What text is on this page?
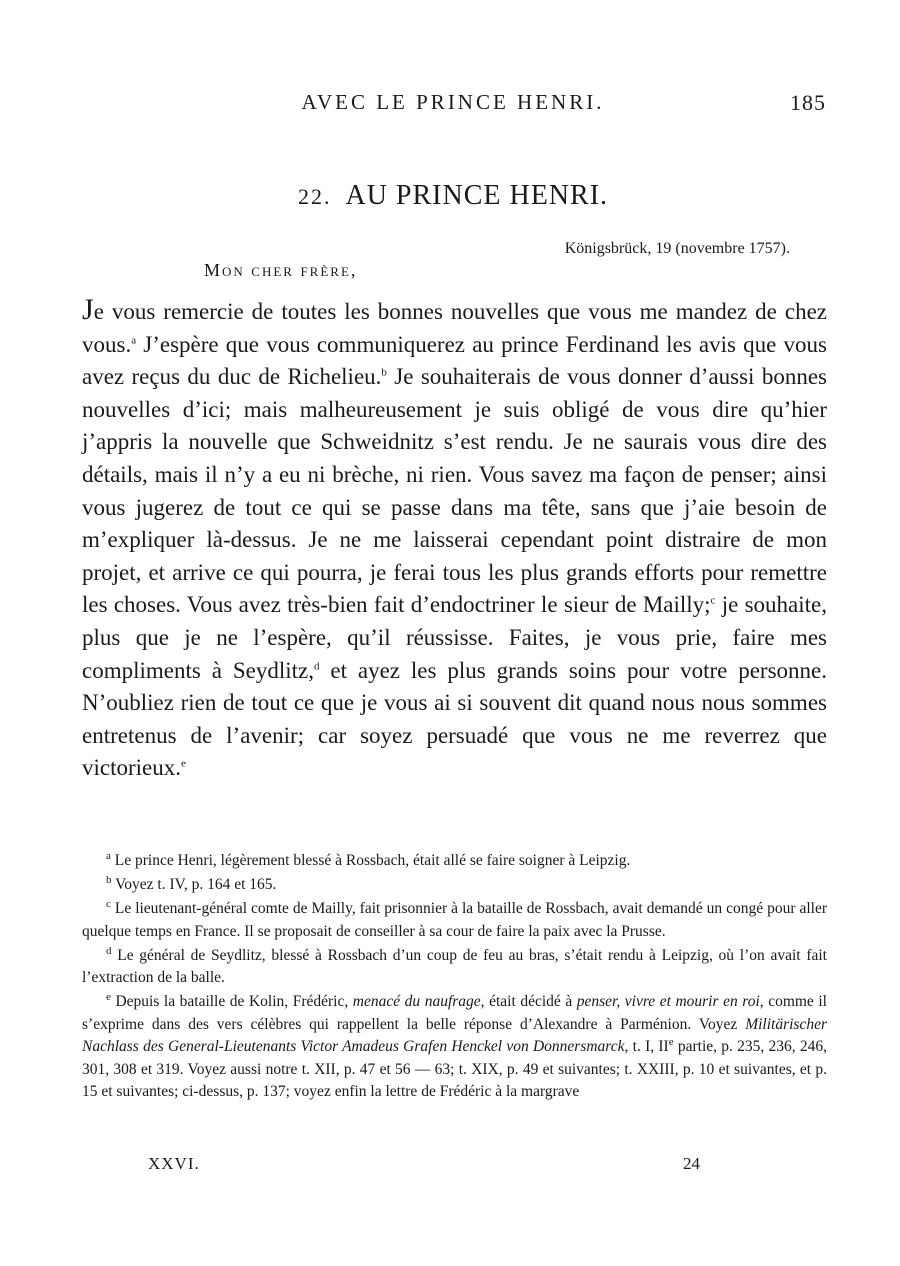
AVEC LE PRINCE HENRI.	185
22. AU PRINCE HENRI.
Königsbrück, 19 (novembre 1757).
Mon cher frère,
Je vous remercie de toutes les bonnes nouvelles que vous me mandez de chez vous.$^a$ J’espère que vous communiquerez au prince Ferdinand les avis que vous avez reçus du duc de Richelieu.$^b$ Je souhaiterais de vous donner d’aussi bonnes nouvelles d’ici; mais malheureusement je suis obligé de vous dire qu’hier j’appris la nouvelle que Schweidnitz s’est rendu. Je ne saurais vous dire des détails, mais il n’y a eu ni brèche, ni rien. Vous savez ma façon de penser; ainsi vous jugerez de tout ce qui se passe dans ma tête, sans que j’aie besoin de m’expliquer là-dessus. Je ne me laisserai cependant point distraire de mon projet, et arrive ce qui pourra, je ferai tous les plus grands efforts pour remettre les choses. Vous avez très-bien fait d’endoctriner le sieur de Mailly;$^c$ je souhaite, plus que je ne l’espère, qu’il réussisse. Faites, je vous prie, faire mes compliments à Seydlitz,$^d$ et ayez les plus grands soins pour votre personne. N’oubliez rien de tout ce que je vous ai si souvent dit quand nous nous sommes entretenus de l’avenir; car soyez persuadé que vous ne me reverrez que victorieux.$^e$

$^a$ Le prince Henri, légèrement blessé à Rossbach, était allé se faire soigner à Leipzig.

$^b$ Voyez t. IV, p. 164 et 165.

$^c$ Le lieutenant-général comte de Mailly, fait prisonnier à la bataille de Rossbach, avait demandé un congé pour aller quelque temps en France. Il se proposait de conseiller à sa cour de faire la paix avec la Prusse.

$^d$ Le général de Seydlitz, blessé à Rossbach d’un coup de feu au bras, s’était rendu à Leipzig, où l’on avait fait l’extraction de la balle.

$^e$ Depuis la bataille de Kolin, Frédéric, menacé du naufrage, était décidé à penser, vivre et mourir en roi, comme il s’exprime dans des vers célèbres qui rappellent la belle réponse d’Alexandre à Parménion. Voyez Militärischer Nachlass des General-Lieutenants Victor Amadeus Grafen Henckel von Donnersmarck, t. I, IIe partie, p. 235, 236, 246, 301, 308 et 319. Voyez aussi notre t. XII, p. 47 et 56 — 63; t. XIX, p. 49 et suivantes; t. XXIII, p. 10 et suivantes, et p. 15 et suivantes; ci-dessus, p. 137; voyez enfin la lettre de Frédéric à la margrave

XXVI.	24
